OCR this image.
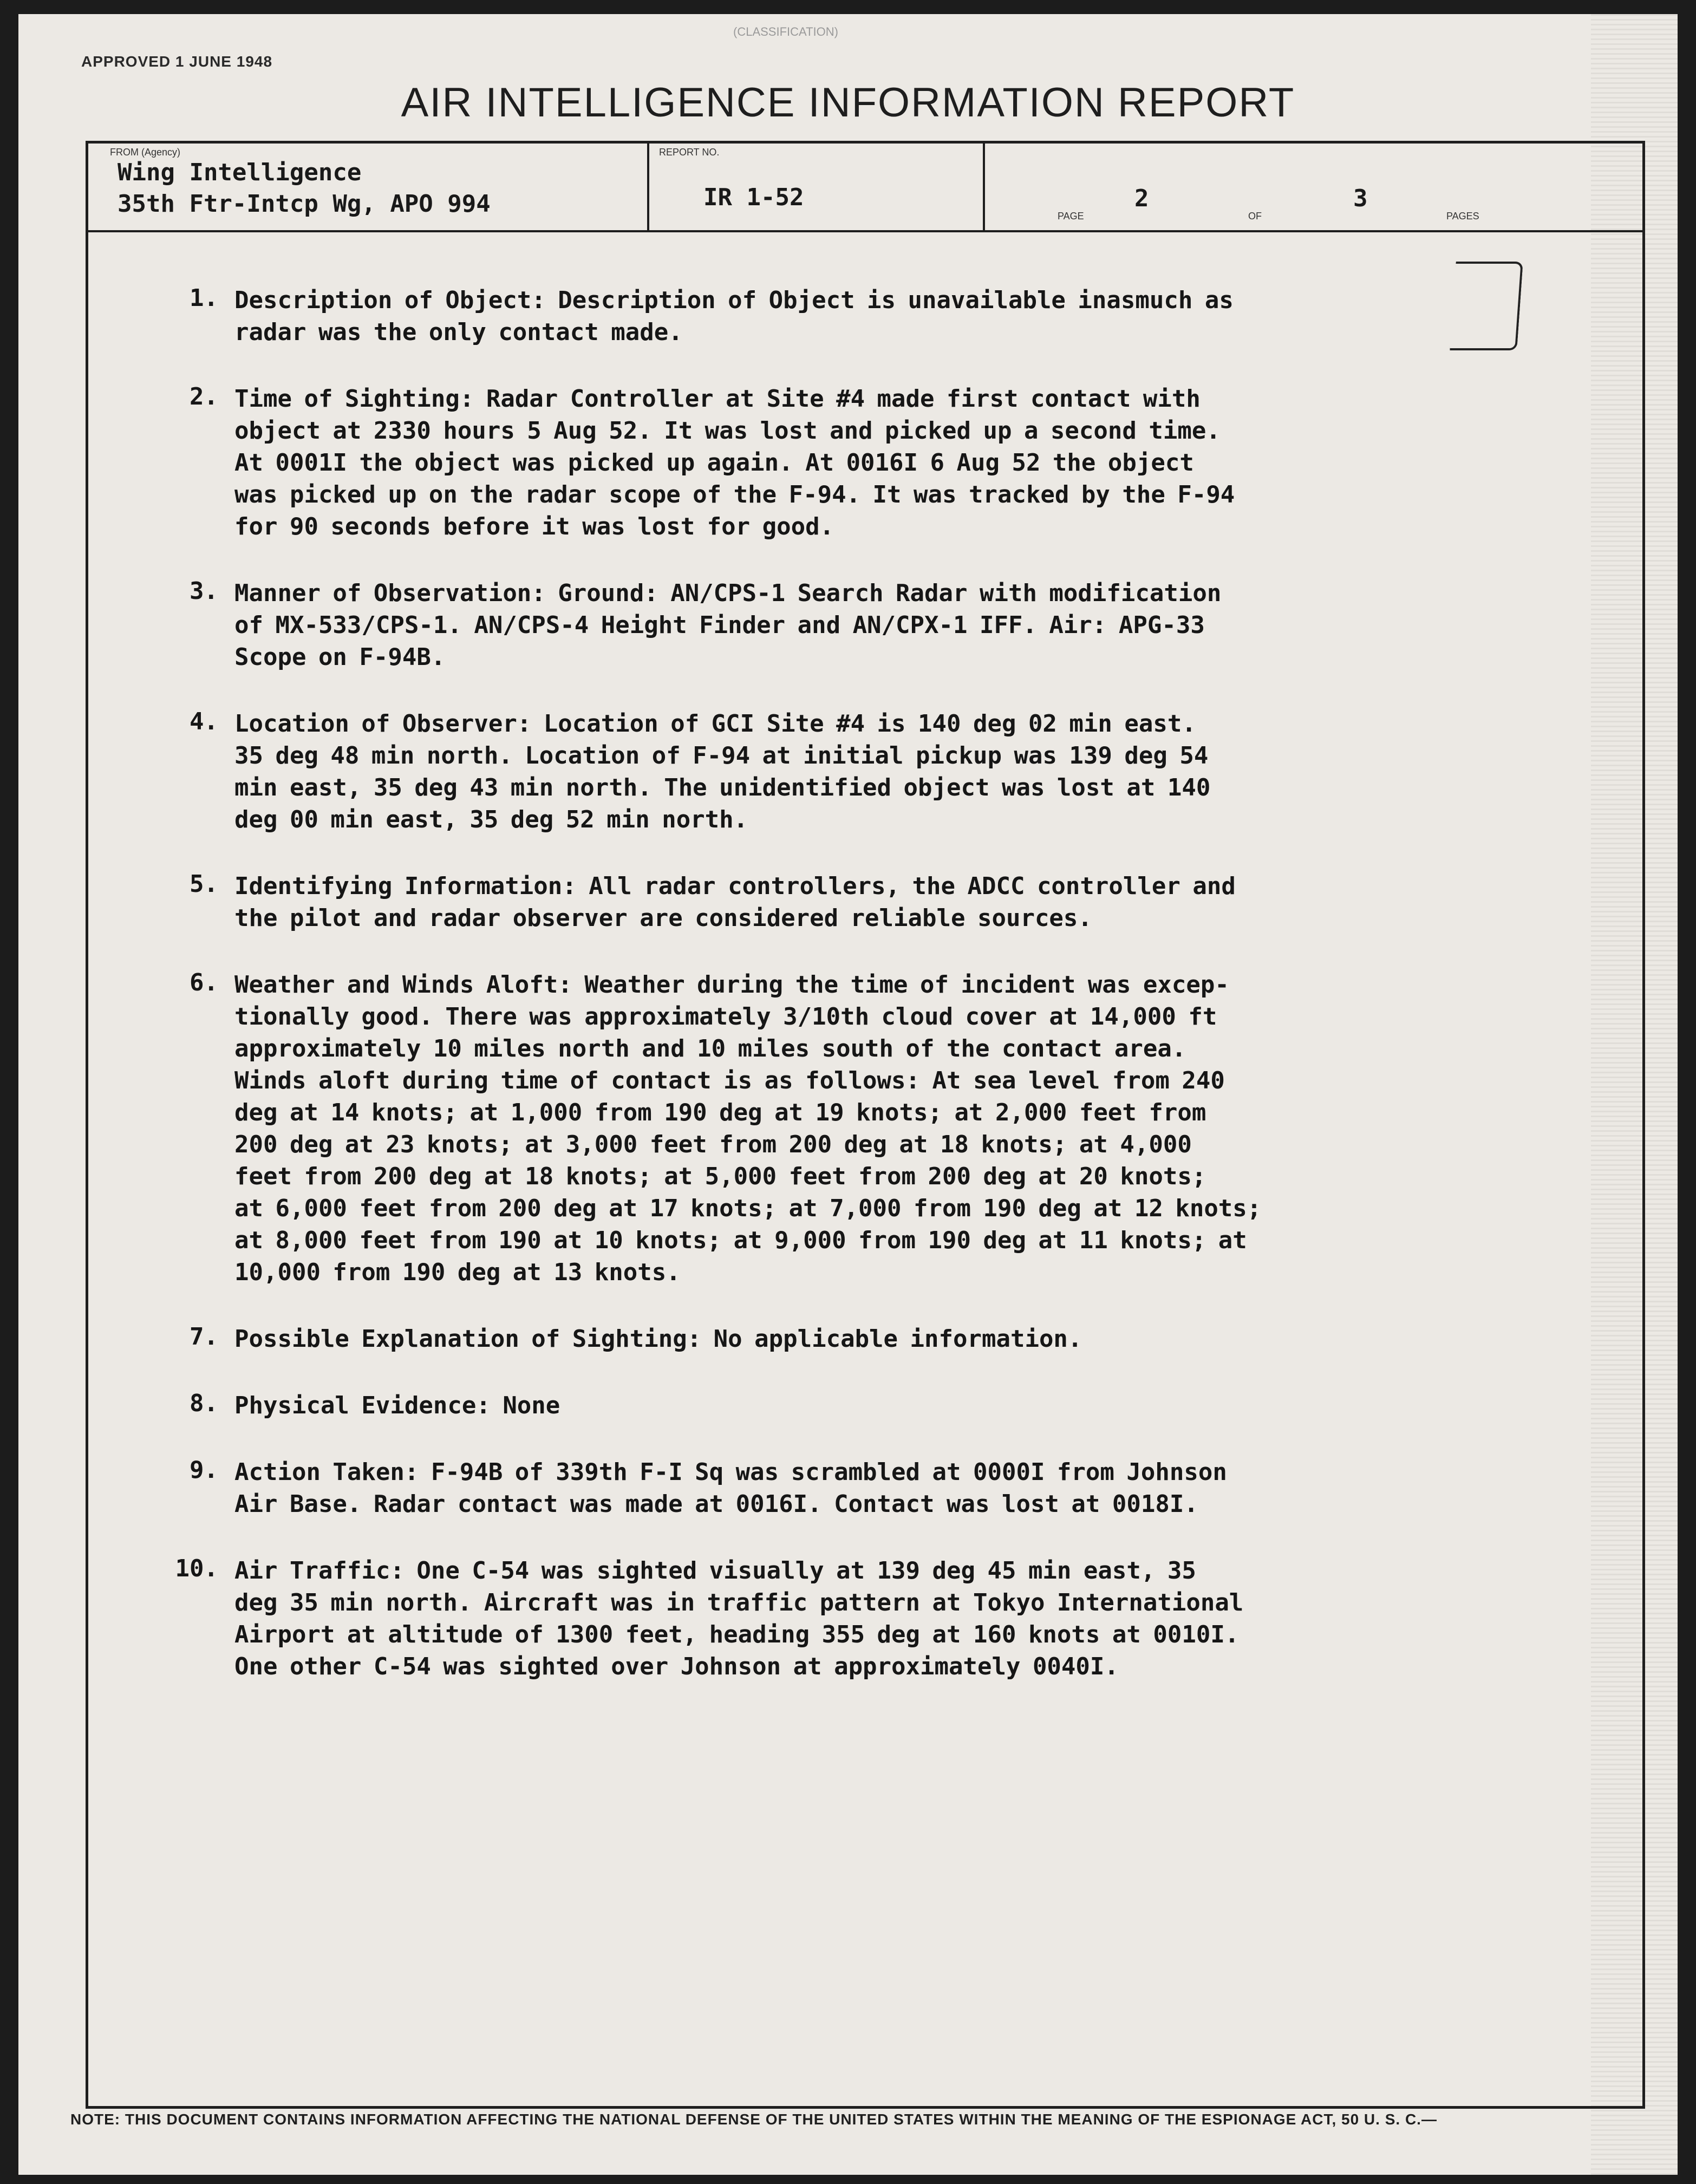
APPROVED 1 JUNE 1948
(CLASSIFICATION)
AIR INTELLIGENCE INFORMATION REPORT
FROM (Agency)
Wing Intelligence
35th Ftr-Intcp Wg, APO 994
REPORT NO.
IR 1-52
PAGE
2
OF
3
PAGES
1. Description of Object: Description of Object is unavailable inasmuch as
radar was the only contact made.
2. Time of Sighting: Radar Controller at Site #4 made first contact with
object at 2330 hours 5 Aug 52. It was lost and picked up a second time.
At 0001I the object was picked up again. At 0016I 6 Aug 52 the object
was picked up on the radar scope of the F-94. It was tracked by the F-94
for 90 seconds before it was lost for good.
3. Manner of Observation: Ground: AN/CPS-1 Search Radar with modification
of MX-533/CPS-1. AN/CPS-4 Height Finder and AN/CPX-1 IFF. Air: APG-33
Scope on F-94B.
4. Location of Observer: Location of GCI Site #4 is 140 deg 02 min east.
35 deg 48 min north. Location of F-94 at initial pickup was 139 deg 54
min east, 35 deg 43 min north. The unidentified object was lost at 140
deg 00 min east, 35 deg 52 min north.
5. Identifying Information: All radar controllers, the ADCC controller and
the pilot and radar observer are considered reliable sources.
6. Weather and Winds Aloft: Weather during the time of incident was excep-
tionally good. There was approximately 3/10th cloud cover at 14,000 ft
approximately 10 miles north and 10 miles south of the contact area.
Winds aloft during time of contact is as follows: At sea level from 240
deg at 14 knots; at 1,000 from 190 deg at 19 knots; at 2,000 feet from
200 deg at 23 knots; at 3,000 feet from 200 deg at 18 knots; at 4,000
feet from 200 deg at 18 knots; at 5,000 feet from 200 deg at 20 knots;
at 6,000 feet from 200 deg at 17 knots; at 7,000 from 190 deg at 12 knots;
at 8,000 feet from 190 at 10 knots; at 9,000 from 190 deg at 11 knots; at
10,000 from 190 deg at 13 knots.
7. Possible Explanation of Sighting: No applicable information.
8. Physical Evidence: None
9. Action Taken: F-94B of 339th F-I Sq was scrambled at 0000I from Johnson
Air Base. Radar contact was made at 0016I. Contact was lost at 0018I.
10. Air Traffic: One C-54 was sighted visually at 139 deg 45 min east, 35
deg 35 min north. Aircraft was in traffic pattern at Tokyo International
Airport at altitude of 1300 feet, heading 355 deg at 160 knots at 0010I.
One other C-54 was sighted over Johnson at approximately 0040I.
NOTE: THIS DOCUMENT CONTAINS INFORMATION AFFECTING THE NATIONAL DEFENSE OF THE UNITED STATES WITHIN THE MEANING OF THE ESPIONAGE ACT, 50 U. S. C.—
